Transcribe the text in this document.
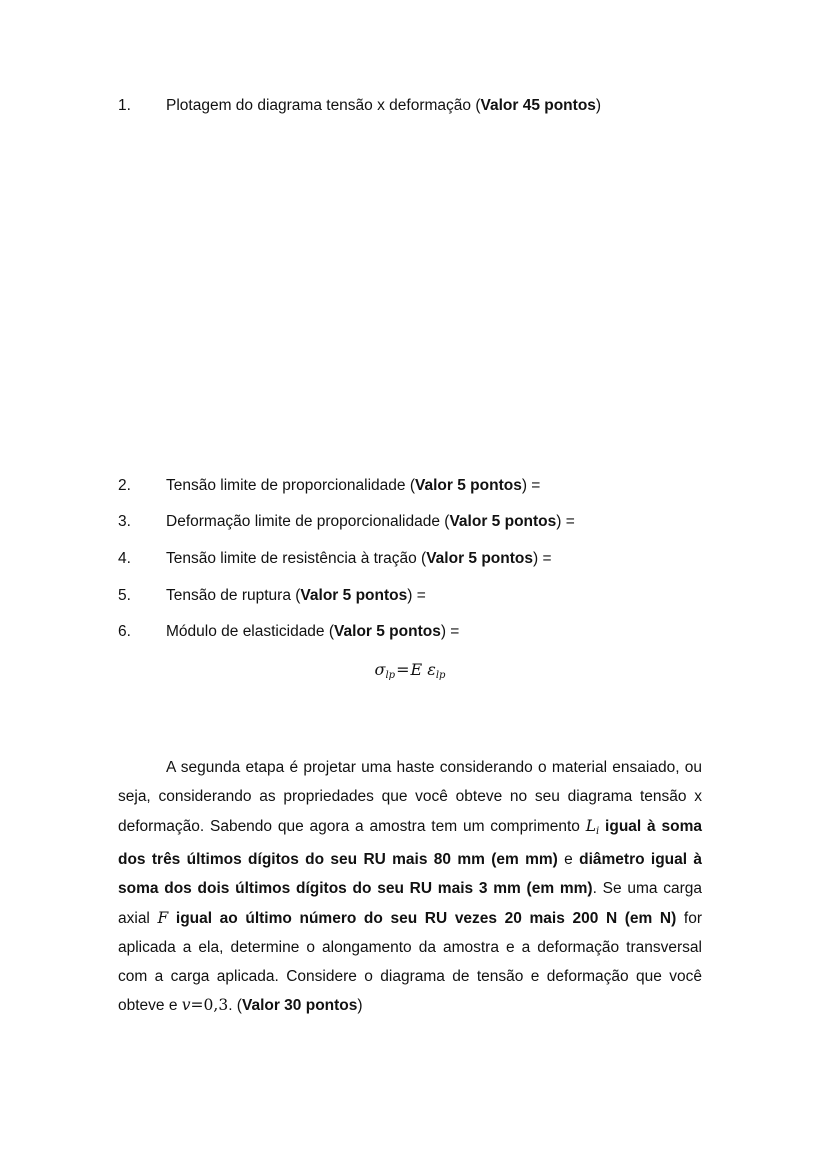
1. Plotagem do diagrama tensão x deformação (Valor 45 pontos)
2. Tensão limite de proporcionalidade (Valor 5 pontos) =
3. Deformação limite de proporcionalidade (Valor 5 pontos) =
4. Tensão limite de resistência à tração (Valor 5 pontos) =
5. Tensão de ruptura (Valor 5 pontos) =
6. Módulo de elasticidade (Valor 5 pontos) =
$\sigma_{lp}=E$ $\varepsilon_{lp}$
A segunda etapa é projetar uma haste considerando o material ensaiado, ou seja, considerando as propriedades que você obteve no seu diagrama tensão x deformação. Sabendo que agora a amostra tem um comprimento $L_i$ igual à soma dos três últimos dígitos do seu RU mais 80 mm (em mm) e diâmetro igual à soma dos dois últimos dígitos do seu RU mais 3 mm (em mm). Se uma carga axial F igual ao último número do seu RU vezes 20 mais 200 N (em N) for aplicada a ela, determine o alongamento da amostra e a deformação transversal com a carga aplicada. Considere o diagrama de tensão e deformação que você obteve e v=0,3. (Valor 30 pontos)
